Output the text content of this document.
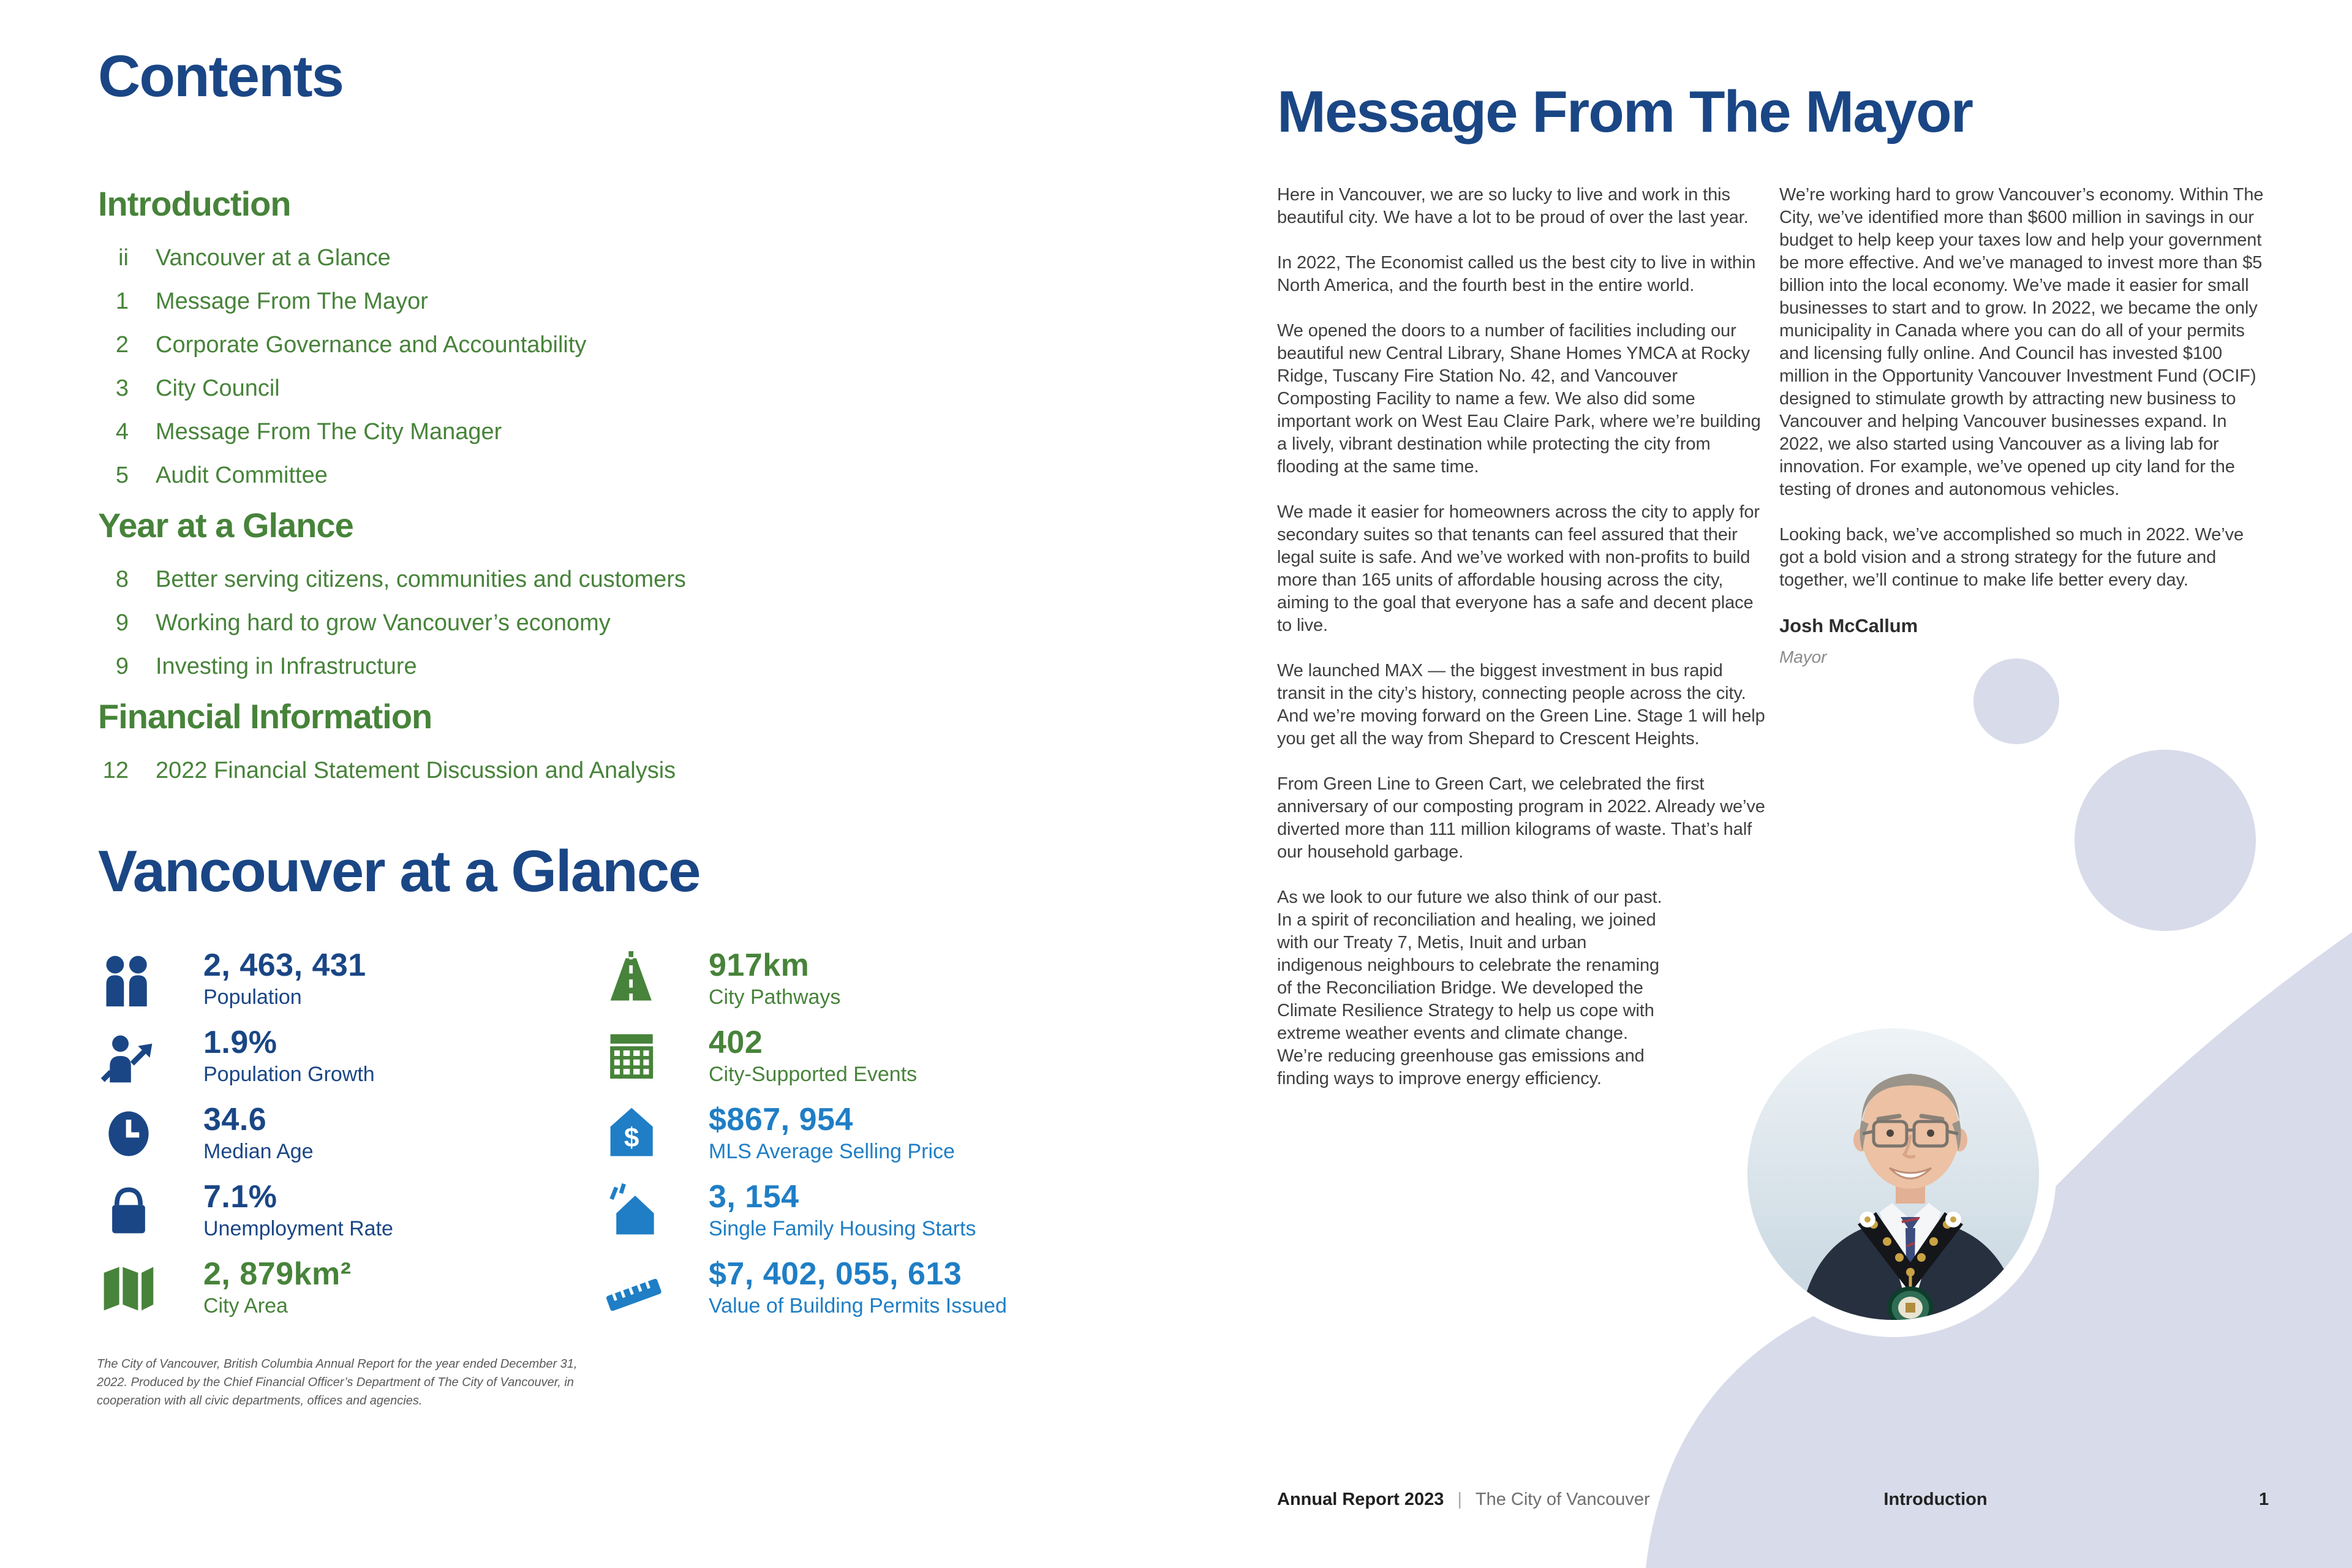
Contents
Introduction
ii Vancouver at a Glance
1 Message From The Mayor
2 Corporate Governance and Accountability
3 City Council
4 Message From The City Manager
5 Audit Committee
Year at a Glance
8 Better serving citizens, communities and customers
9 Working hard to grow Vancouver’s economy
9 Investing in Infrastructure
Financial Information
12 2022 Financial Statement Discussion and Analysis
Vancouver at a Glance
2, 463, 431
Population
1.9%
Population Growth
34.6
Median Age
7.1%
Unemployment Rate
2, 879km²
City Area
917km
City Pathways
402
City-Supported Events
$
$867, 954
MLS Average Selling Price
3, 154
Single Family Housing Starts
$7, 402, 055, 613
Value of Building Permits Issued
The City of Vancouver, British Columbia Annual Report for the year ended December 31, 2022. Produced by the Chief Financial Officer’s Department of The City of Vancouver, in cooperation with all civic departments, offices and agencies.
Message From The Mayor

Here in Vancouver, we are so lucky to live and work in this beautiful city. We have a lot to be proud of over the last year.

In 2022, The Economist called us the best city to live in within North America, and the fourth best in the entire world.

We opened the doors to a number of facilities including our beautiful new Central Library, Shane Homes YMCA at Rocky Ridge, Tuscany Fire Station No. 42, and Vancouver Composting Facility to name a few. We also did some important work on West Eau Claire Park, where we’re building a lively, vibrant destination while protecting the city from flooding at the same time.

We made it easier for homeowners across the city to apply for secondary suites so that tenants can feel assured that their legal suite is safe. And we’ve worked with non-profits to build more than 165 units of affordable housing across the city, aiming to the goal that everyone has a safe and decent place to live.

We launched MAX — the biggest investment in bus rapid transit in the city’s history, connecting people across the city. And we’re moving forward on the Green Line. Stage 1 will help you get all the way from Shepard to Crescent Heights.

From Green Line to Green Cart, we celebrated the first anniversary of our composting program in 2022. Already we’ve diverted more than 111 million kilograms of waste. That’s half our household garbage.

As we look to our future we also think of our past. In a spirit of reconciliation and healing, we joined with our Treaty 7, Metis, Inuit and urban indigenous neighbours to celebrate the renaming of the Reconciliation Bridge. We developed the Climate Resilience Strategy to help us cope with extreme weather events and climate change. We’re reducing greenhouse gas emissions and finding ways to improve energy efficiency.

We’re working hard to grow Vancouver’s economy. Within The City, we’ve identified more than $600 million in savings in our budget to help keep your taxes low and help your government be more effective. And we’ve managed to invest more than $5 billion into the local economy. We’ve made it easier for small businesses to start and to grow. In 2022, we became the only municipality in Canada where you can do all of your permits and licensing fully online. And Council has invested $100 million in the Opportunity Vancouver Investment Fund (OCIF) designed to stimulate growth by attracting new business to Vancouver and helping Vancouver businesses expand. In 2022, we also started using Vancouver as a living lab for innovation. For example, we’ve opened up city land for the testing of drones and autonomous vehicles.

Looking back, we’ve accomplished so much in 2022. We’ve got a bold vision and a strong strategy for the future and together, we’ll continue to make life better every day.

Josh McCallum
Mayor
Annual Report 2023 | The City of Vancouver	Introduction	1
